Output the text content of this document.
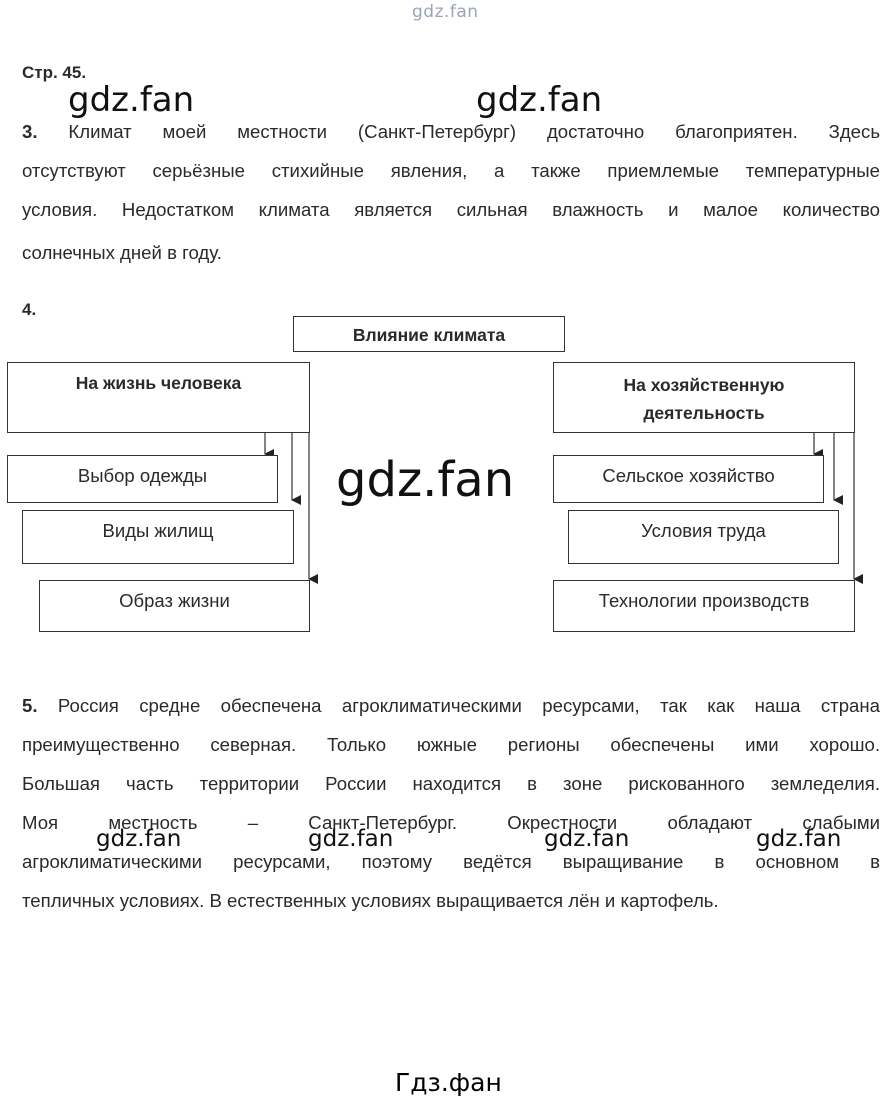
gdz.fan
Стр. 45.
gdz.fan	gdz.fan
3. Климат моей местности (Санкт-Петербург) достаточно благоприятен. Здесь
отсутствуют серьёзные стихийные явления, а также приемлемые температурные
условия. Недостатком климата является сильная влажность и малое количество
солнечных дней в году.
4.
Влияние климата
На жизнь человека	На хозяйственную
деятельность
Выбор одежды
Виды жилищ
Образ жизни
Сельское хозяйство
Условия труда
Технологии производств
gdz.fan
5. Россия средне обеспечена агроклиматическими ресурсами, так как наша страна
преимущественно северная. Только южные регионы обеспечены ими хорошо.
Большая часть территории России находится в зоне рискованного земледелия.
Моя местность – Санкт-Петербург. Окрестности обладают слабыми
агроклиматическими ресурсами, поэтому ведётся выращивание в основном в
тепличных условиях. В естественных условиях выращивается лён и картофель.
gdz.fan	gdz.fan	gdz.fan	gdz.fan
Гдз.фан
